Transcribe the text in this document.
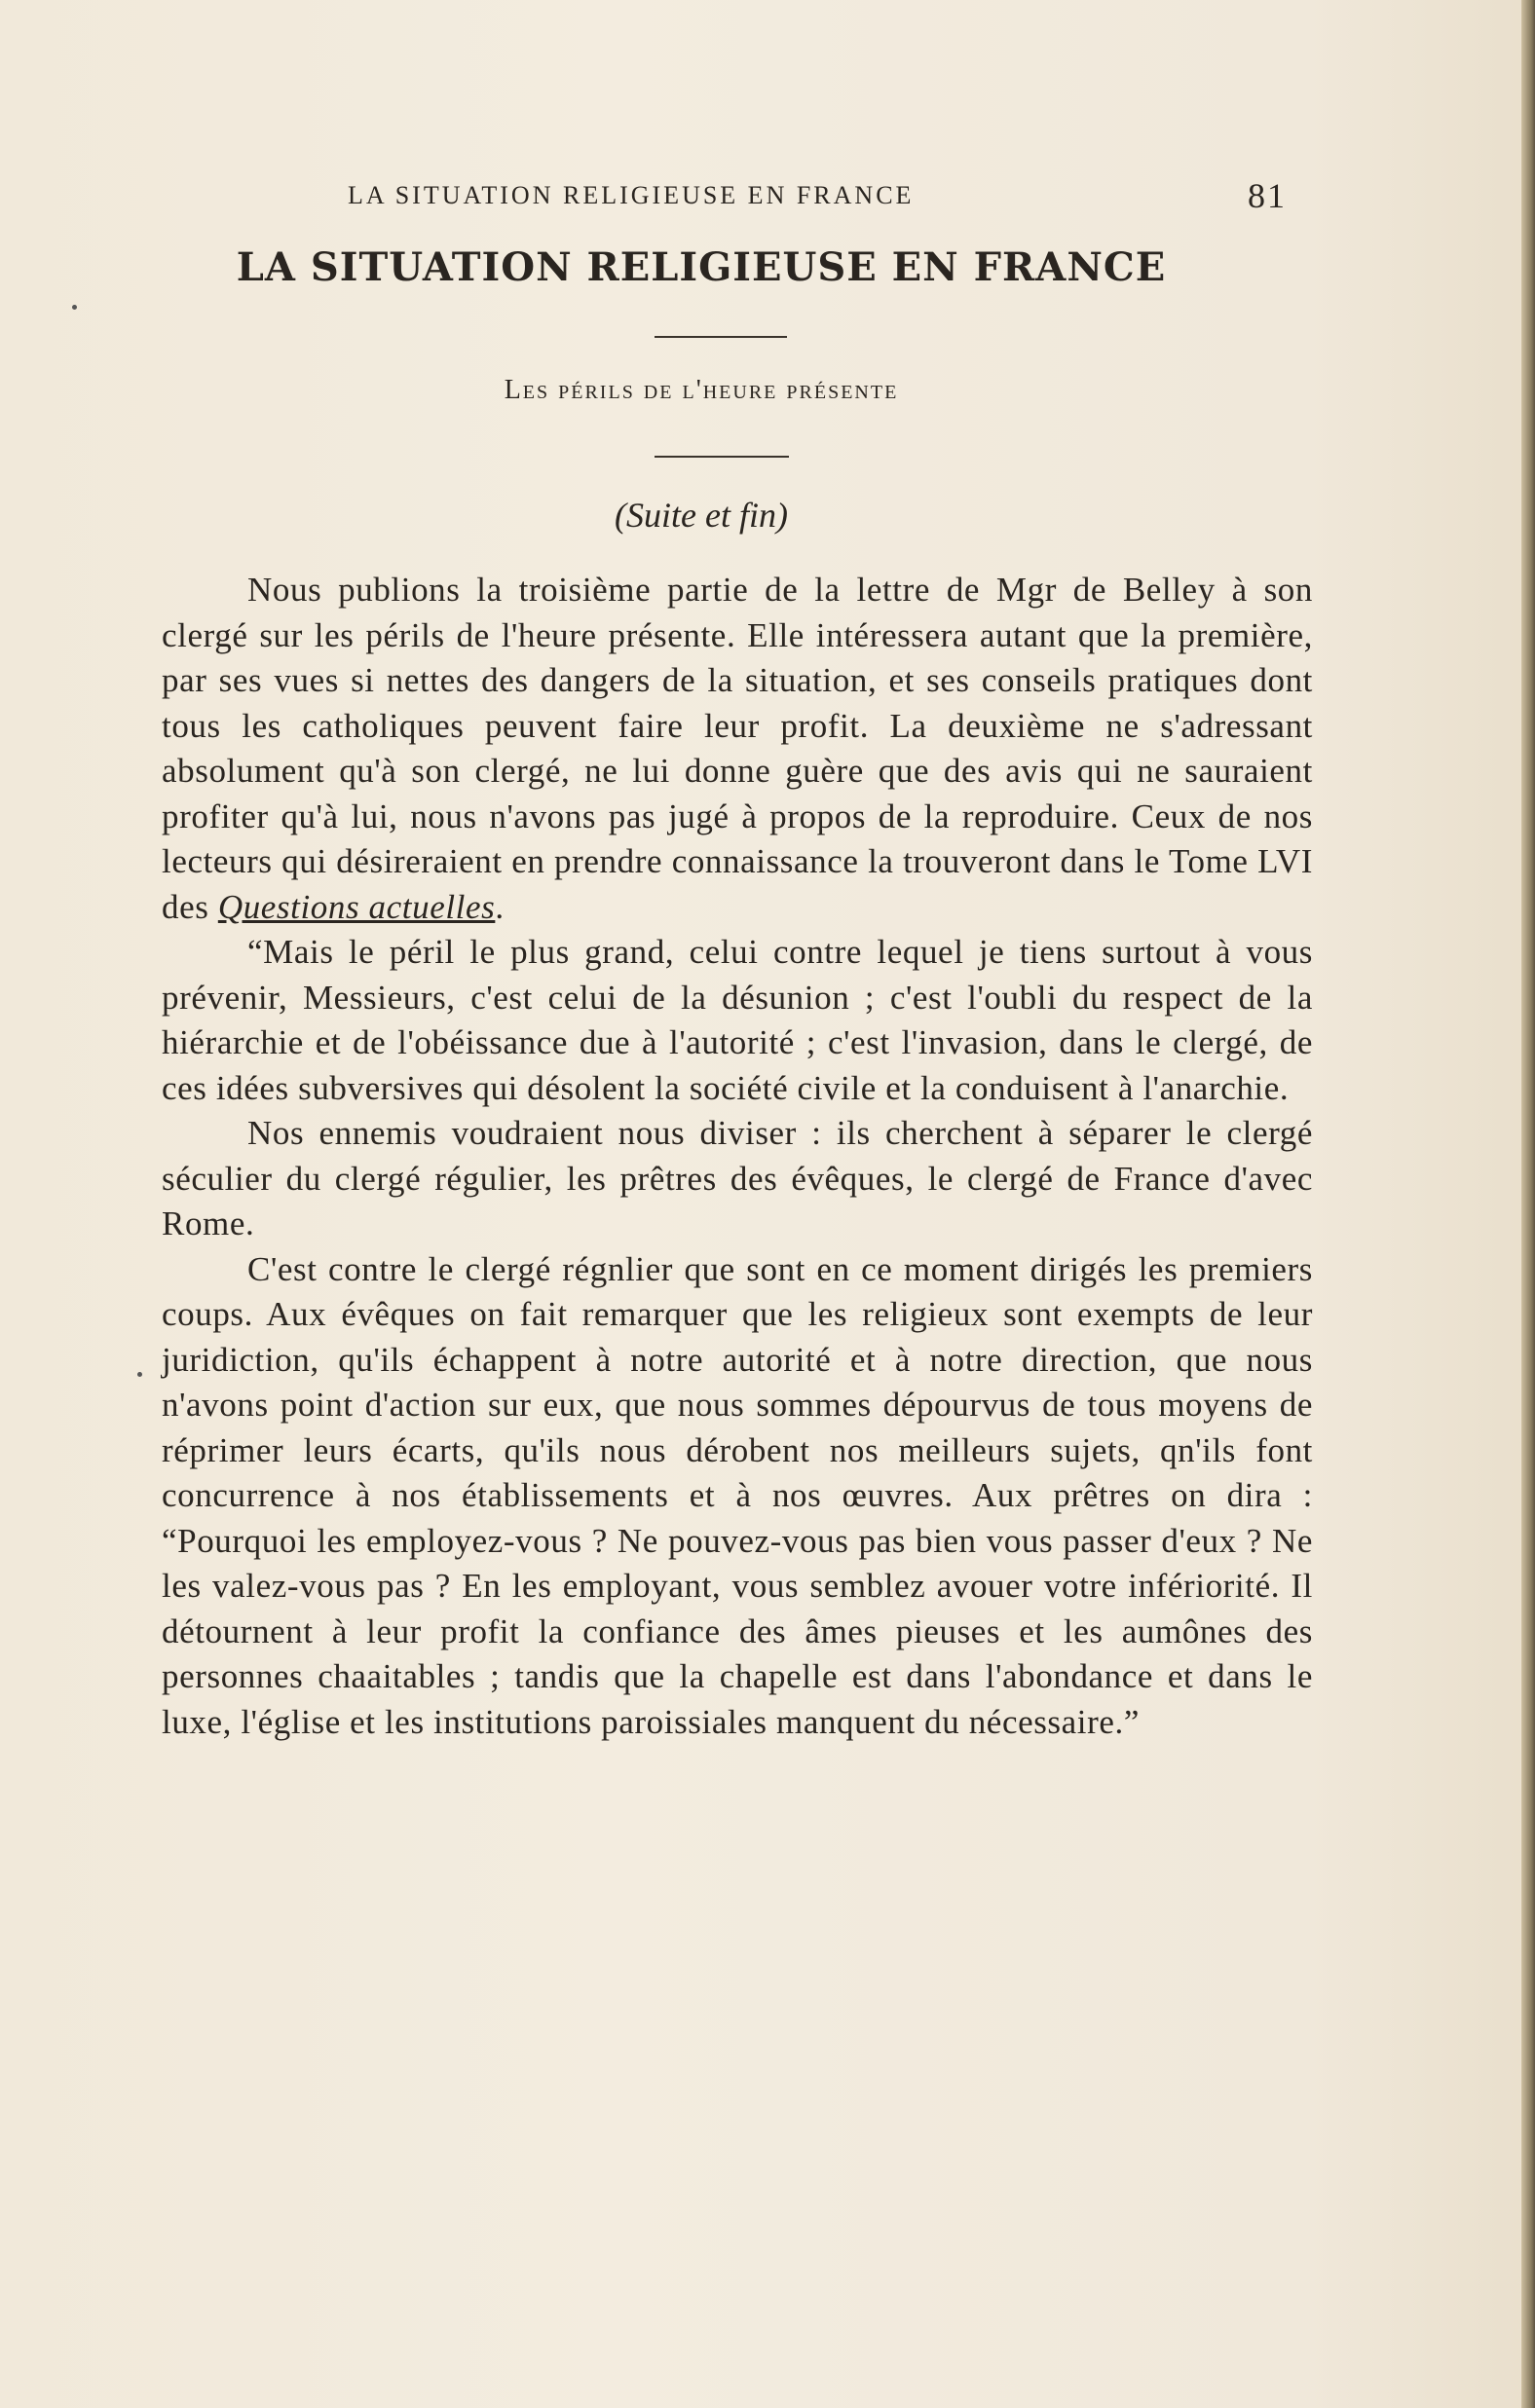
LA SITUATION RELIGIEUSE EN FRANCE	81
LA SITUATION RELIGIEUSE EN FRANCE
Les périls de l'heure présente
(Suite et fin)

Nous publions la troisième partie de la lettre de Mgr de Belley à son clergé sur les périls de l'heure présente. Elle intéressera autant que la première, par ses vues si nettes des dangers de la situation, et ses conseils pratiques dont tous les catholiques peuvent faire leur profit. La deuxième ne s'adressant absolument qu'à son clergé, ne lui donne guère que des avis qui ne sauraient profiter qu'à lui, nous n'avons pas jugé à propos de la reproduire. Ceux de nos lecteurs qui désireraient en prendre connaissance la trouveront dans le Tome LVI des Questions actuelles.

“Mais le péril le plus grand, celui contre lequel je tiens surtout à vous prévenir, Messieurs, c'est celui de la désunion ; c'est l'oubli du respect de la hiérarchie et de l'obéissance due à l'autorité ; c'est l'invasion, dans le clergé, de ces idées subversives qui désolent la société civile et la conduisent à l'anarchie.

Nos ennemis voudraient nous diviser : ils cherchent à séparer le clergé séculier du clergé régulier, les prêtres des évêques, le clergé de France d'avec Rome.

C'est contre le clergé régnlier que sont en ce moment dirigés les premiers coups. Aux évêques on fait remarquer que les religieux sont exempts de leur juridiction, qu'ils échappent à notre autorité et à notre direction, que nous n'avons point d'action sur eux, que nous sommes dépourvus de tous moyens de réprimer leurs écarts, qu'ils nous dérobent nos meilleurs sujets, qn'ils font concurrence à nos établissements et à nos œuvres. Aux prêtres on dira : “Pourquoi les employez-vous ? Ne pouvez-vous pas bien vous passer d'eux ? Ne les valez-vous pas ? En les employant, vous semblez avouer votre infériorité. Il détournent à leur profit la confiance des âmes pieuses et les aumônes des personnes chaaitables ; tandis que la chapelle est dans l'abondance et dans le luxe, l'église et les institutions paroissiales manquent du nécessaire.”
